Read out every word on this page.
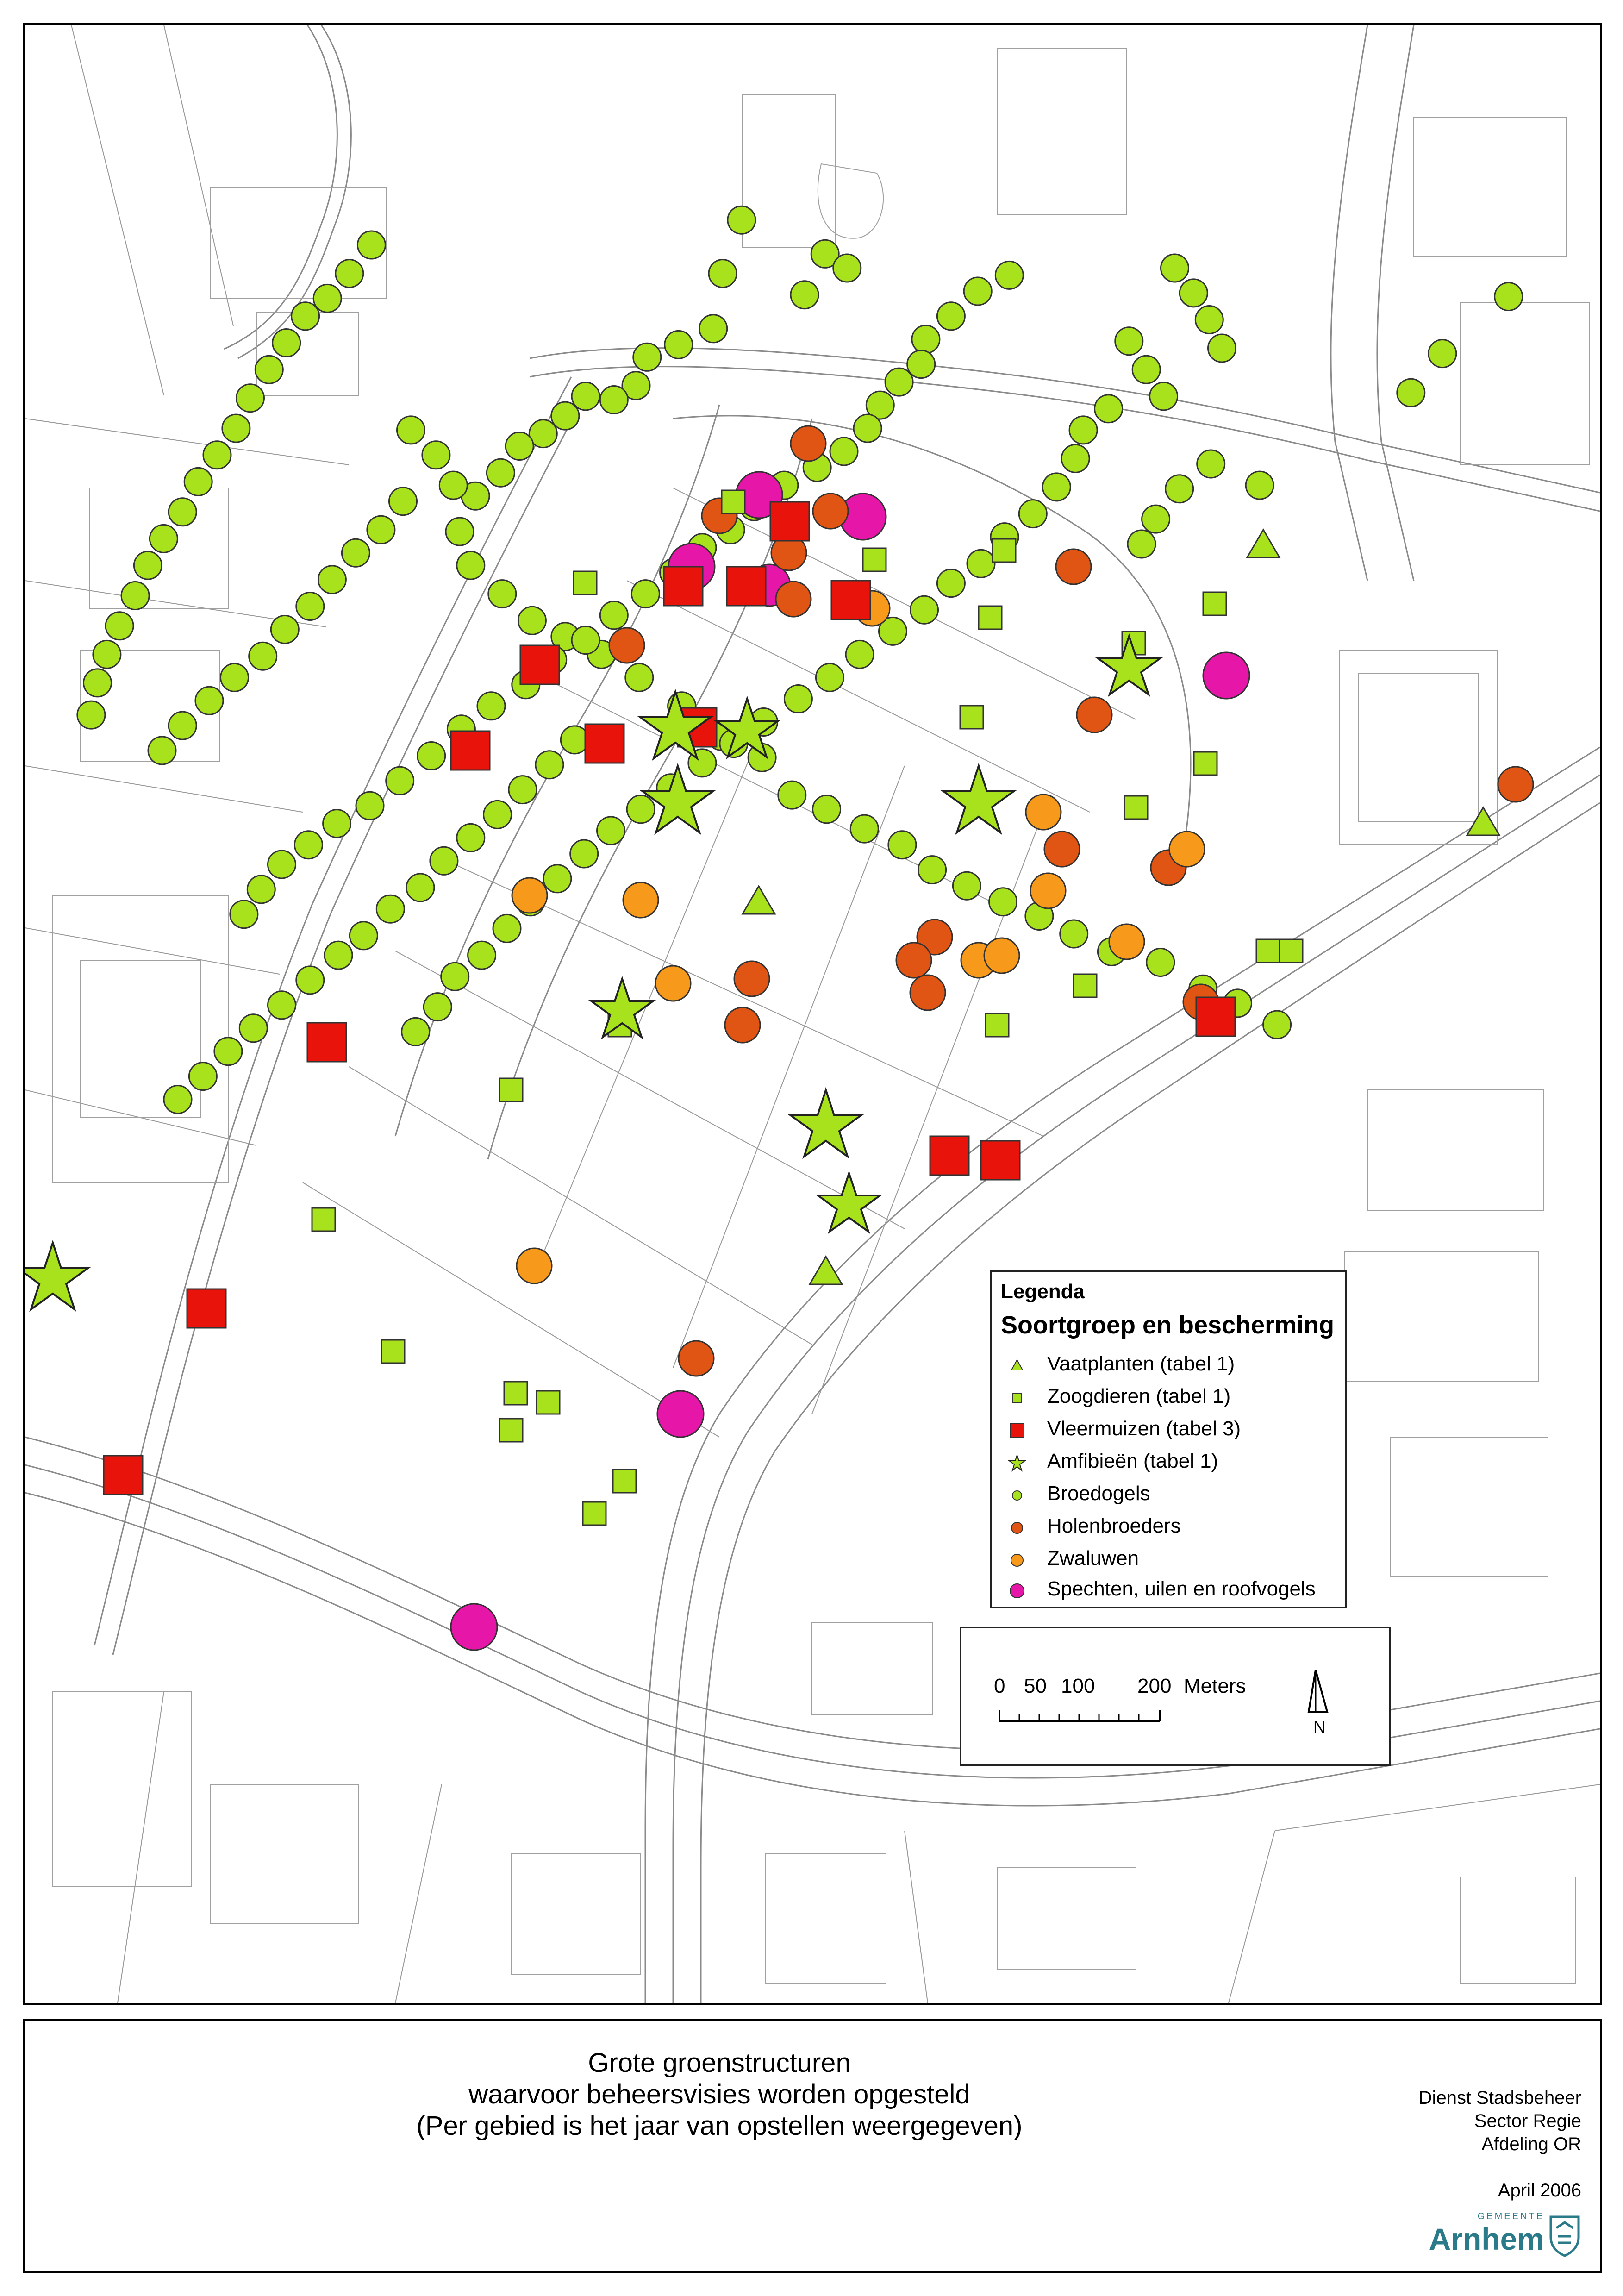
Legenda
Soortgroep en bescherming
Vaatplanten (tabel 1)
Zoogdieren (tabel 1)
Vleermuizen (tabel 3)
Amfibieën (tabel 1)
Broedogels
Holenbroeders
Zwaluwen
Spechten, uilen en roofvogels
0 50 100 200 Meters
N
Grote groenstructuren
waarvoor beheersvisies worden opgesteld
(Per gebied is het jaar van opstellen weergegeven)
Dienst Stadsbeheer
Sector Regie
Afdeling OR
April 2006
GEMEENTE
Arnhem
